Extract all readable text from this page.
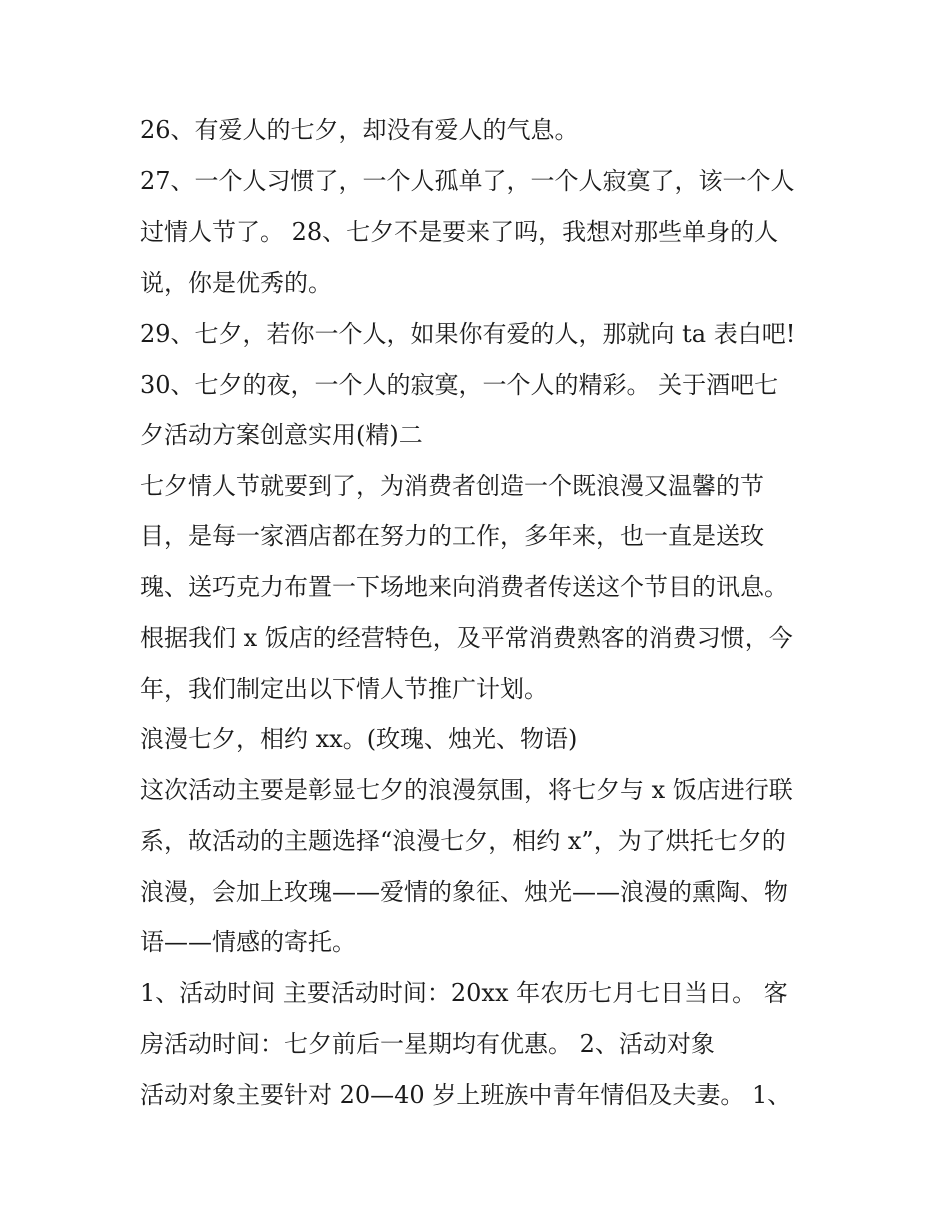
26、有爱人的七夕，却没有爱人的气息。
27、一个人习惯了，一个人孤单了，一个人寂寞了，该一个人
过情人节了。 28、七夕不是要来了吗，我想对那些单身的人
说，你是优秀的。
29、七夕，若你一个人，如果你有爱的人，那就向 ta 表白吧!
30、七夕的夜，一个人的寂寞，一个人的精彩。 关于酒吧七
夕活动方案创意实用(精)二
七夕情人节就要到了，为消费者创造一个既浪漫又温馨的节
目，是每一家酒店都在努力的工作，多年来，也一直是送玫
瑰、送巧克力布置一下场地来向消费者传送这个节目的讯息。
根据我们 x 饭店的经营特色，及平常消费熟客的消费习惯，今
年，我们制定出以下情人节推广计划。
浪漫七夕，相约 xx。(玫瑰、烛光、物语)
这次活动主要是彰显七夕的浪漫氛围，将七夕与 x 饭店进行联
系，故活动的主题选择“浪漫七夕，相约 x”，为了烘托七夕的
浪漫，会加上玫瑰——爱情的象征、烛光——浪漫的熏陶、物
语——情感的寄托。
1、活动时间 主要活动时间：20xx 年农历七月七日当日。 客
房活动时间：七夕前后一星期均有优惠。 2、活动对象
活动对象主要针对 20—40 岁上班族中青年情侣及夫妻。 1、
